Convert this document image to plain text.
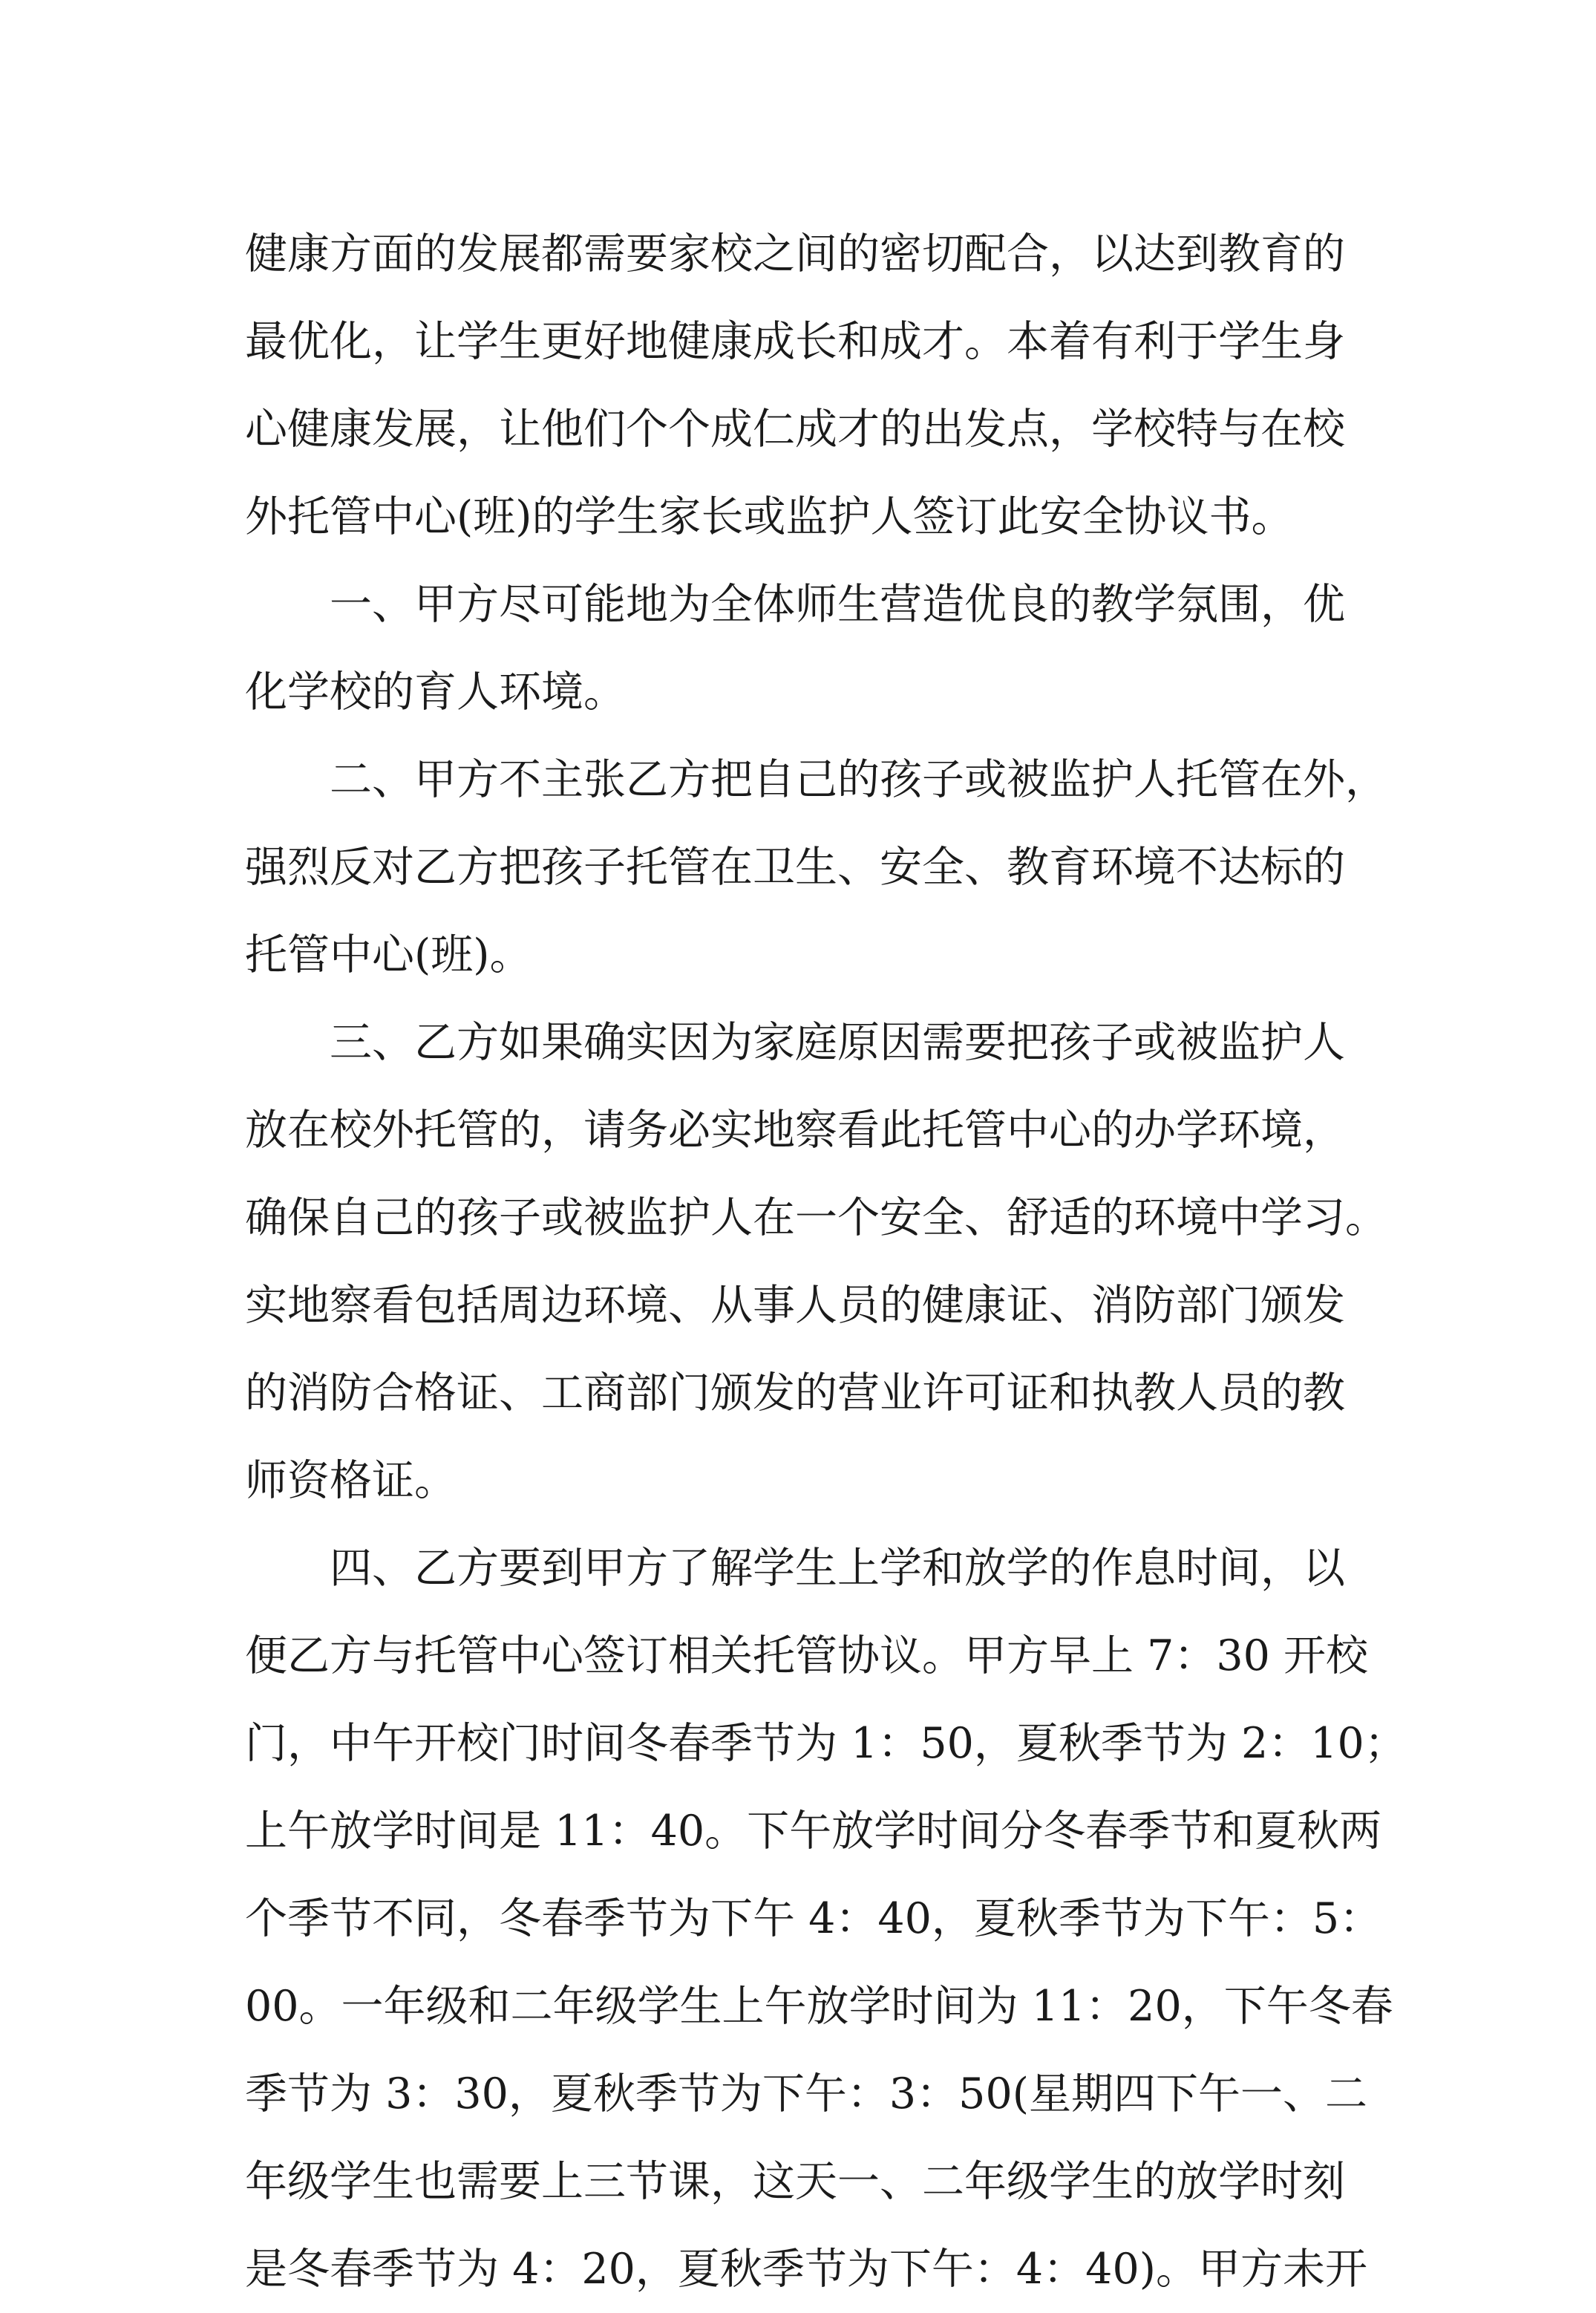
健康方面的发展都需要家校之间的密切配合，以达到教育的
最优化，让学生更好地健康成长和成才。本着有利于学生身
心健康发展，让他们个个成仁成才的出发点，学校特与在校
外托管中心(班)的学生家长或监护人签订此安全协议书。
一、甲方尽可能地为全体师生营造优良的教学氛围，优
化学校的育人环境。
二、甲方不主张乙方把自己的孩子或被监护人托管在外，
强烈反对乙方把孩子托管在卫生、安全、教育环境不达标的
托管中心(班)。
三、乙方如果确实因为家庭原因需要把孩子或被监护人
放在校外托管的，请务必实地察看此托管中心的办学环境，
确保自己的孩子或被监护人在一个安全、舒适的环境中学习。
实地察看包括周边环境、从事人员的健康证、消防部门颁发
的消防合格证、工商部门颁发的营业许可证和执教人员的教
师资格证。
四、乙方要到甲方了解学生上学和放学的作息时间，以
便乙方与托管中心签订相关托管协议。甲方早上 7：30 开校
门，中午开校门时间冬春季节为 1：50，夏秋季节为 2：10；
上午放学时间是 11：40。下午放学时间分冬春季节和夏秋两
个季节不同，冬春季节为下午 4：40，夏秋季节为下午：5：
00。一年级和二年级学生上午放学时间为 11：20，下午冬春
季节为 3：30，夏秋季节为下午：3：50(星期四下午一、二
年级学生也需要上三节课，这天一、二年级学生的放学时刻
是冬春季节为 4：20，夏秋季节为下午：4：40)。甲方未开
